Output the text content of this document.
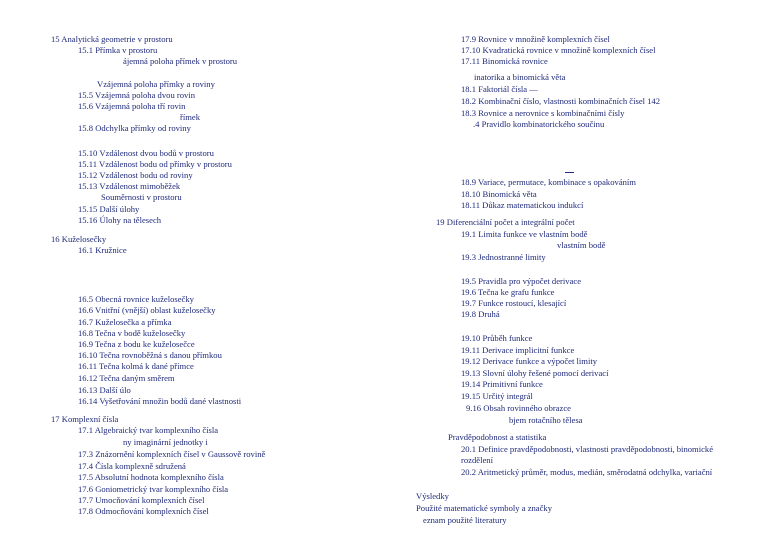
15 Analytická geometrie v prostoru
15.1 Přímka v prostoru
ájemná poloha přímek v prostoru
Vzájemná poloha přímky a roviny
15.5 Vzájemná poloha dvou rovin
15.6 Vzájemná poloha tří rovin
římek
15.8 Odchylka přímky od roviny
15.10 Vzdálenost dvou bodů v prostoru
15.11 Vzdálenost bodu od přímky v prostoru
15.12 Vzdálenost bodu od roviny
15.13 Vzdálenost mimoběžek
Souměrnosti v prostoru
15.15 Další úlohy
15.16 Úlohy na tělesech
16 Kuželosečky
16.1 Kružnice
16.5 Obecná rovnice kuželosečky
16.6 Vnitřní (vnější) oblast kuželosečky
16.7 Kuželosečka a přímka
16.8 Tečna v bodě kuželosečky
16.9 Tečna z bodu ke kuželosečce
16.10 Tečna rovnoběžná s danou přímkou
16.11 Tečna kolmá k dané přímce
16.12 Tečna daným směrem
16.13 Další úlo
16.14 Vyšetřování množin bodů dané vlastnosti
17 Komplexní čísla
17.1 Algebraický tvar komplexního čísla
ny imaginární jednotky i
17.3 Znázornění komplexních čísel v Gaussově rovině
17.4 Čísla komplexně sdružená
17.5 Absolutní hodnota komplexního čísla
17.6 Goniometrický tvar komplexního čísla
17.7 Umocňování komplexních čísel
17.8 Odmocňování komplexních čísel
17.9 Rovnice v množině komplexních čísel
17.10 Kvadratická rovnice v množině komplexních čísel
17.11 Binomická rovnice
inatorika a binomická věta
18.1 Faktoriál čísla —
18.2 Kombinační číslo, vlastnosti kombinačních čísel 142
18.3 Rovnice a nerovnice s kombinačními čísly
.4 Pravidlo kombinatorického součinu
18.9 Variace, permutace, kombinace s opakováním
18.10 Binomická věta
18.11 Důkaz matematickou indukcí
19 Diferenciální počet a integrální počet
19.1 Limita funkce ve vlastním bodě
vlastním bodě
19.3 Jednostranné limity
19.5 Pravidla pro výpočet derivace
19.6 Tečna ke grafu funkce
19.7 Funkce rostoucí, klesající
19.8 Druhá
19.10 Průběh funkce
19.11 Derivace implicitní funkce
19.12 Derivace funkce a výpočet limity
19.13 Slovní úlohy řešené pomocí derivací
19.14 Primitivní funkce
19.15 Určitý integrál
9.16 Obsah rovinného obrazce
bjem rotačního tělesa
Pravděpodobnost a statistika
20.1 Definice pravděpodobnosti, vlastnosti pravděpodobnosti, binomické
rozdělení
20.2 Aritmetický průměr, modus, medián, směrodatná odchylka, variační
Výsledky
Použité matematické symboly a značky
eznam použité literatury
